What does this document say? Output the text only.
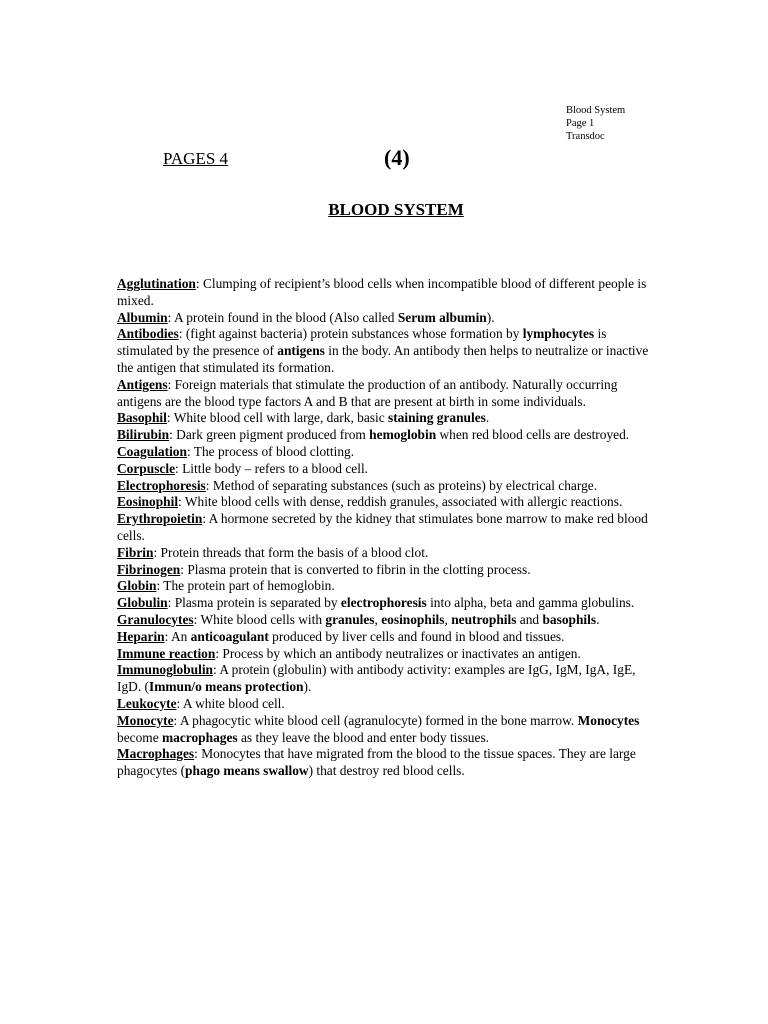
Blood System
Page 1
Transdoc
PAGES 4	(4)
BLOOD SYSTEM

Agglutination: Clumping of recipient’s blood cells when incompatible blood of different people is mixed.

Albumin: A protein found in the blood (Also called Serum albumin).

Antibodies: (fight against bacteria) protein substances whose formation by lymphocytes is stimulated by the presence of antigens in the body. An antibody then helps to neutralize or inactive the antigen that stimulated its formation.

Antigens: Foreign materials that stimulate the production of an antibody. Naturally occurring antigens are the blood type factors A and B that are present at birth in some individuals.

Basophil: White blood cell with large, dark, basic staining granules.

Bilirubin: Dark green pigment produced from hemoglobin when red blood cells are destroyed.

Coagulation: The process of blood clotting.

Corpuscle: Little body – refers to a blood cell.

Electrophoresis: Method of separating substances (such as proteins) by electrical charge.

Eosinophil: White blood cells with dense, reddish granules, associated with allergic reactions.

Erythropoietin: A hormone secreted by the kidney that stimulates bone marrow to make red blood cells.

Fibrin: Protein threads that form the basis of a blood clot.

Fibrinogen: Plasma protein that is converted to fibrin in the clotting process.

Globin: The protein part of hemoglobin.

Globulin: Plasma protein is separated by electrophoresis into alpha, beta and gamma globulins.

Granulocytes: White blood cells with granules, eosinophils, neutrophils and basophils.

Heparin: An anticoagulant produced by liver cells and found in blood and tissues.

Immune reaction: Process by which an antibody neutralizes or inactivates an antigen.

Immunoglobulin: A protein (globulin) with antibody activity: examples are IgG, IgM, IgA, IgE, IgD. (Immun/o means protection).

Leukocyte: A white blood cell.

Monocyte: A phagocytic white blood cell (agranulocyte) formed in the bone marrow. Monocytes become macrophages as they leave the blood and enter body tissues.

Macrophages: Monocytes that have migrated from the blood to the tissue spaces. They are large phagocytes (phago means swallow) that destroy red blood cells.
